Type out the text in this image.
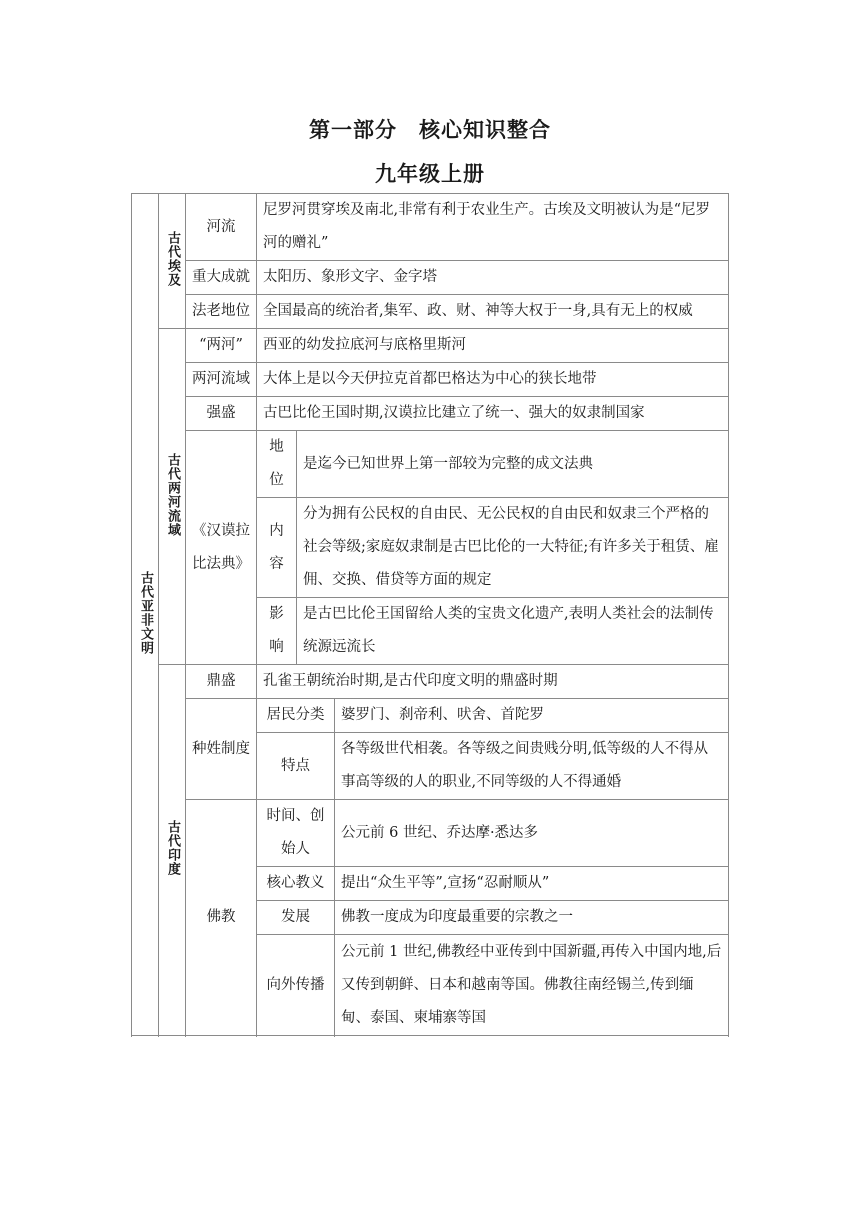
第一部分 核心知识整合
九年级上册
古代亚非文明	古代埃及	河流	尼罗河贯穿埃及南北,非常有利于农业生产。古埃及文明被认为是“尼罗河的赠礼”		
		重大成就	太阳历、象形文字、金字塔		
		法老地位	全国最高的统治者,集军、政、财、神等大权于一身,具有无上的权威		
	古代两河流域	“两河”	西亚的幼发拉底河与底格里斯河		
		两河流域	大体上是以今天伊拉克首都巴格达为中心的狭长地带		
		强盛	古巴比伦王国时期,汉谟拉比建立了统一、强大的奴隶制国家		
		《汉谟拉比法典》	地位	是迄今已知世界上第一部较为完整的成文法典	
			内容	分为拥有公民权的自由民、无公民权的自由民和奴隶三个严格的社会等级;家庭奴隶制是古巴比伦的一大特征;有许多关于租赁、雇佣、交换、借贷等方面的规定	

			影响	是古巴比伦王国留给人类的宝贵文化遗产,表明人类社会的法制传统源远流长	

	古代印度	鼎盛	孔雀王朝统治时期,是古代印度文明的鼎盛时期		
		种姓制度	居民分类		婆罗门、刹帝利、吠舍、首陀罗
			特点		各等级世代相袭。各等级之间贵贱分明,低等级的人不得从事高等级的人的职业,不同等级的人不得通婚

		佛教	时间、创始人		公元前 6 世纪、乔达摩·悉达多

			核心教义		提出“众生平等”,宣扬“忍耐顺从”
			发展		佛教一度成为印度最重要的宗教之一
			向外传播		公元前 1 世纪,佛教经中亚传到中国新疆,再传入中国内地,后又传到朝鲜、日本和越南等国。佛教往南经锡兰,传到缅甸、泰国、柬埔寨等国
